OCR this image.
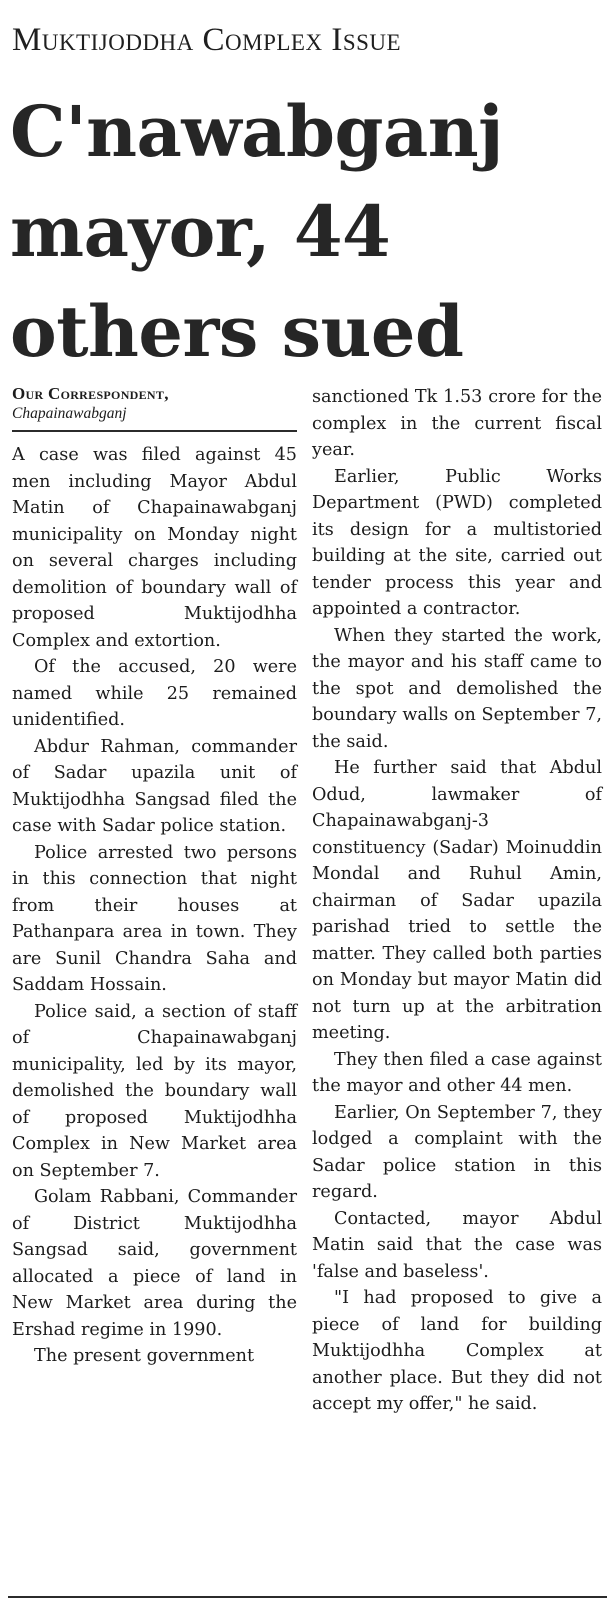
Muktijoddha Complex Issue
C'nawabganj
mayor, 44
others sued
Our Correspondent,
Chapainawabganj

A case was filed against 45 men including Mayor Abdul Matin of Chapainawabganj municipality on Monday night on several charges including demolition of boundary wall of proposed Muktijodhha Complex and extortion.

Of the accused, 20 were named while 25 remained unidentified.

Abdur Rahman, commander of Sadar upazila unit of Muktijodhha Sangsad filed the case with Sadar police station.

Police arrested two persons in this connection that night from their houses at Pathanpara area in town. They are Sunil Chandra Saha and Saddam Hossain.

Police said, a section of staff of Chapainawabganj municipality, led by its mayor, demolished the boundary wall of proposed Muktijodhha Complex in New Market area on September 7.

Golam Rabbani, Commander of District Muktijodhha Sangsad said, government allocated a piece of land in New Market area during the Ershad regime in 1990.

The present government

sanctioned Tk 1.53 crore for the complex in the current fiscal year.

Earlier, Public Works Department (PWD) completed its design for a multistoried building at the site, carried out tender process this year and appointed a contractor.

When they started the work, the mayor and his staff came to the spot and demolished the boundary walls on September 7, the said.

He further said that Abdul Odud, lawmaker of Chapainawabganj-3 constituency (Sadar) Moinuddin Mondal and Ruhul Amin, chairman of Sadar upazila parishad tried to settle the matter. They called both parties on Monday but mayor Matin did not turn up at the arbitration meeting.

They then filed a case against the mayor and other 44 men.

Earlier, On September 7, they lodged a complaint with the Sadar police station in this regard.

Contacted, mayor Abdul Matin said that the case was 'false and baseless'.

"I had proposed to give a piece of land for building Muktijodhha Complex at another place. But they did not accept my offer," he said.
